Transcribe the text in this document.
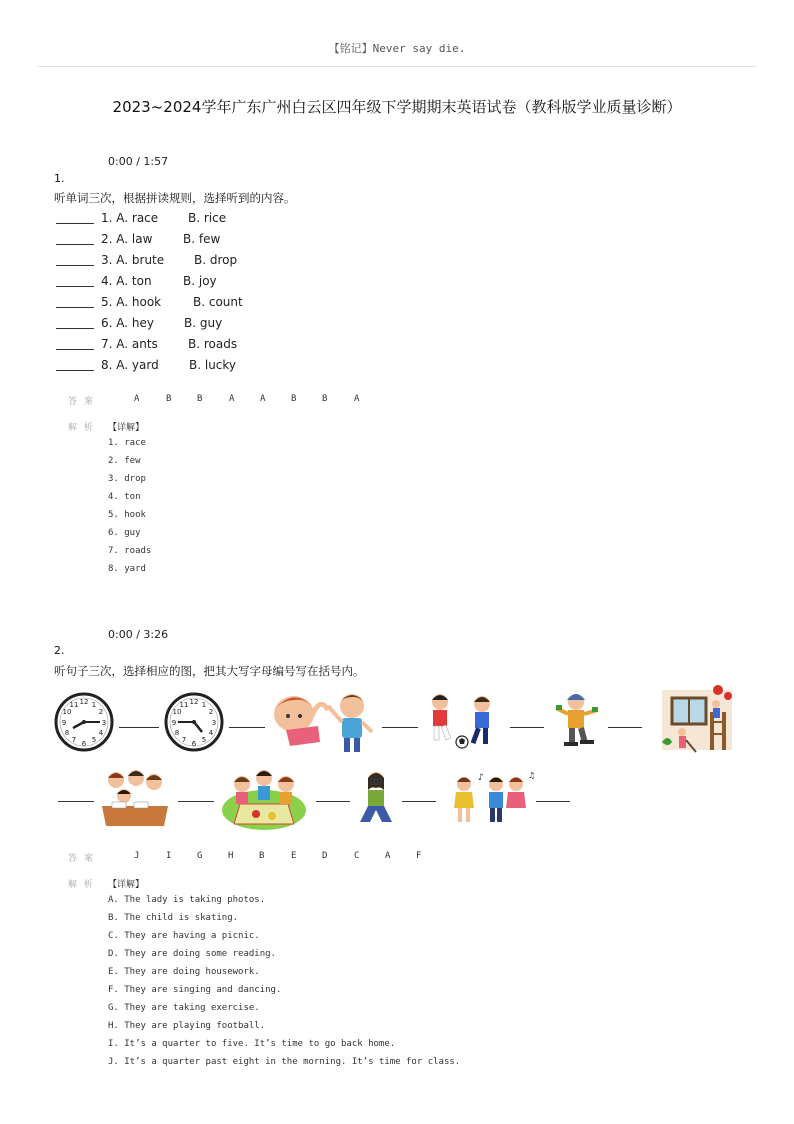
【铭记】Never say die.
2023~2024学年广东广州白云区四年级下学期期末英语试卷（教科版学业质量诊断）
0:00 / 1:57
1.
听单词三次，根据拼读规则，选择听到的内容。
1. A. race B. rice
2. A. law	B. few
3. A. brute B. drop
4. A. ton	B. joy
5. A. hook	B. count
6. A. hey	B. guy
7. A. ants	B. roads
8. A. yard	B. lucky
答 案	A	B	B	A	A	B	B	A
解 析 【详解】
1. race
2. few
3. drop
4. ton
5. hook
6. guy
7. roads
8. yard
0:00 / 3:26
2.
听句子三次，选择相应的图，把其大写字母编号写在括号内。
12 1
2
3
4
5
6
7
8
9
10
11	12 1
2
3
4
5
6
7
8
9
10
11
♪	♫
答 案	J	I	G	H	B	E	D	C	A	F
解 析 【详解】
A. The lady is taking photos.
B. The child is skating.
C. They are having a picnic.
D. They are doing some reading.
E. They are doing housework.
F. They are singing and dancing.
G. They are taking exercise.
H. They are playing football.
I. It’s a quarter to five. It’s time to go back home.
J. It’s a quarter past eight in the morning. It’s time for class.
